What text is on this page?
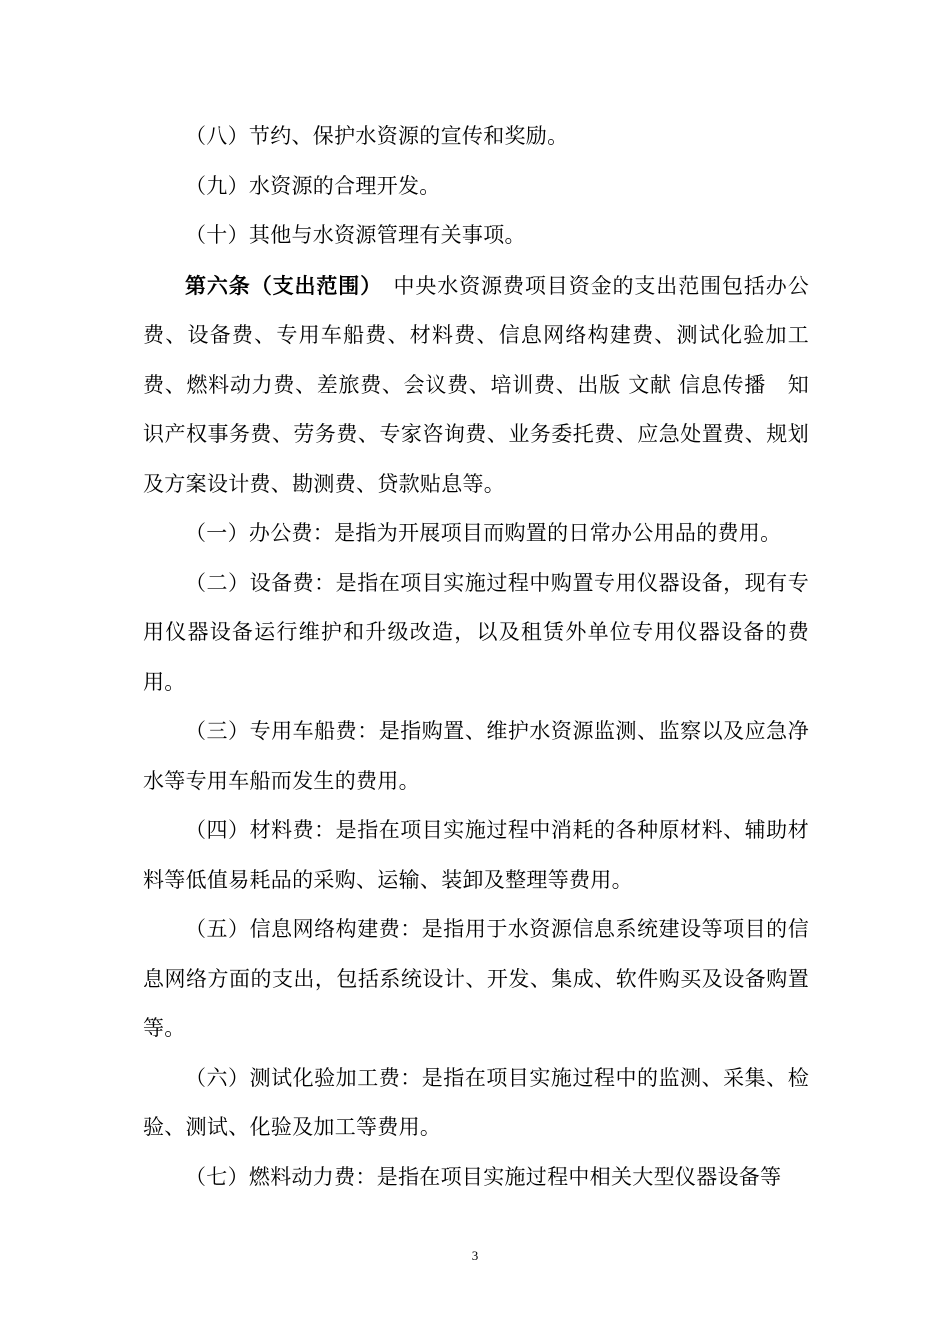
（八）节约、保护水资源的宣传和奖励。

（九）水资源的合理开发。

（十）其他与水资源管理有关事项。

第六条（支出范围）　中央水资源费项目资金的支出范围包括办公费、设备费、专用车船费、材料费、信息网络构建费、测试化验加工费、燃料动力费、差旅费、会议费、培训费、出版 文献 信息传播　知识产权事务费、劳务费、专家咨询费、业务委托费、应急处置费、规划及方案设计费、勘测费、贷款贴息等。

（一）办公费：是指为开展项目而购置的日常办公用品的费用。

（二）设备费：是指在项目实施过程中购置专用仪器设备，现有专用仪器设备运行维护和升级改造，以及租赁外单位专用仪器设备的费用。

（三）专用车船费：是指购置、维护水资源监测、监察以及应急净水等专用车船而发生的费用。

（四）材料费：是指在项目实施过程中消耗的各种原材料、辅助材料等低值易耗品的采购、运输、装卸及整理等费用。

（五）信息网络构建费：是指用于水资源信息系统建设等项目的信息网络方面的支出，包括系统设计、开发、集成、软件购买及设备购置等。

（六）测试化验加工费：是指在项目实施过程中的监测、采集、检验、测试、化验及加工等费用。

（七）燃料动力费：是指在项目实施过程中相关大型仪器设备等

3
